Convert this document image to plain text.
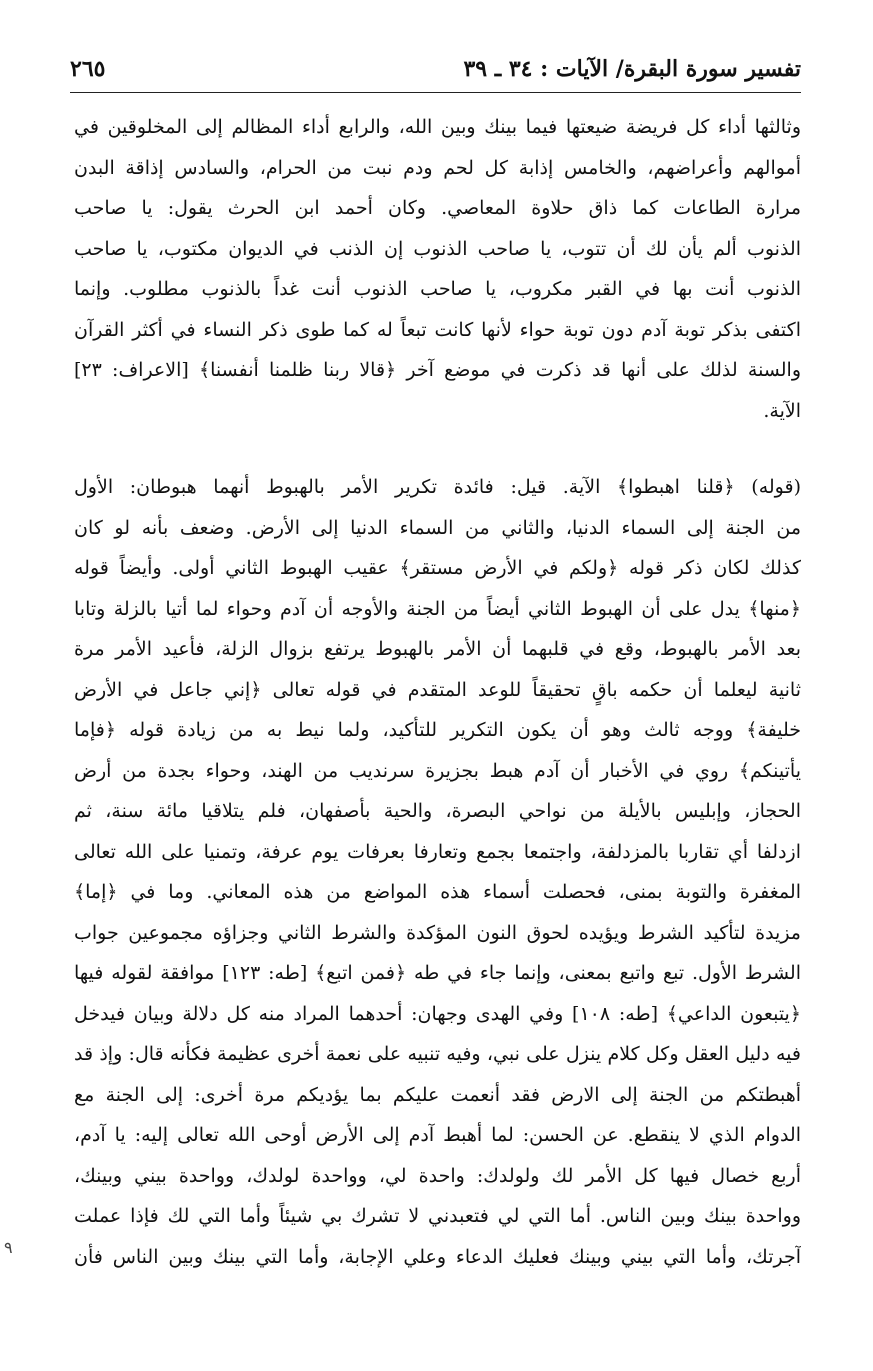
تفسير سورة البقرة/ الآيات : ٣٤ ـ ٣٩
٢٦٥
وثالثها أداء كل فريضة ضيعتها فيما بينك وبين الله، والرابع أداء المظالم إلى المخلوقين في
أموالهم وأعراضهم، والخامس إذابة كل لحم ودم نبت من الحرام، والسادس إذاقة البدن
مرارة الطاعات كما ذاق حلاوة المعاصي. وكان أحمد ابن الحرث يقول: يا صاحب
الذنوب ألم يأن لك أن تتوب، يا صاحب الذنوب إن الذنب في الديوان مكتوب، يا صاحب
الذنوب أنت بها في القبر مكروب، يا صاحب الذنوب أنت غداً بالذنوب مطلوب. وإنما
اكتفى بذكر توبة آدم دون توبة حواء لأنها كانت تبعاً له كما طوى ذكر النساء في أكثر القرآن
والسنة لذلك على أنها قد ذكرت في موضع آخر ﴿قالا ربنا ظلمنا أنفسنا﴾ [الاعراف: ٢٣]
الآية.
(قوله) ﴿قلنا اهبطوا﴾ الآية. قيل: فائدة تكرير الأمر بالهبوط أنهما هبوطان: الأول
من الجنة إلى السماء الدنيا، والثاني من السماء الدنيا إلى الأرض. وضعف بأنه لو كان
كذلك لكان ذكر قوله ﴿ولكم في الأرض مستقر﴾ عقيب الهبوط الثاني أولى. وأيضاً قوله
﴿منها﴾ يدل على أن الهبوط الثاني أيضاً من الجنة والأوجه أن آدم وحواء لما أتيا بالزلة وتابا
بعد الأمر بالهبوط، وقع في قلبهما أن الأمر بالهبوط يرتفع بزوال الزلة، فأعيد الأمر مرة
ثانية ليعلما أن حكمه باقٍ تحقيقاً للوعد المتقدم في قوله تعالى ﴿إني جاعل في الأرض
خليفة﴾ ووجه ثالث وهو أن يكون التكرير للتأكيد، ولما نيط به من زيادة قوله ﴿فإما
يأتينكم﴾ روي في الأخبار أن آدم هبط بجزيرة سرنديب من الهند، وحواء بجدة من أرض
الحجاز، وإبليس بالأيلة من نواحي البصرة، والحية بأصفهان، فلم يتلاقيا مائة سنة، ثم
ازدلفا أي تقاربا بالمزدلفة، واجتمعا بجمع وتعارفا بعرفات يوم عرفة، وتمنيا على الله تعالى
المغفرة والتوبة بمنى، فحصلت أسماء هذه المواضع من هذه المعاني. وما في ﴿إما﴾
مزيدة لتأكيد الشرط ويؤيده لحوق النون المؤكدة والشرط الثاني وجزاؤه مجموعين جواب
الشرط الأول. تبع واتبع بمعنى، وإنما جاء في طه ﴿فمن اتبع﴾ [طه: ١٢٣] موافقة لقوله فيها
﴿يتبعون الداعي﴾ [طه: ١٠٨] وفي الهدى وجهان: أحدهما المراد منه كل دلالة وبيان فيدخل
فيه دليل العقل وكل كلام ينزل على نبي، وفيه تنبيه على نعمة أخرى عظيمة فكأنه قال: وإذ قد
أهبطتكم من الجنة إلى الارض فقد أنعمت عليكم بما يؤديكم مرة أخرى: إلى الجنة مع
الدوام الذي لا ينقطع. عن الحسن: لما أهبط آدم إلى الأرض أوحى الله تعالى إليه: يا آدم،
أربع خصال فيها كل الأمر لك ولولدك: واحدة لي، وواحدة لولدك، وواحدة بيني وبينك،
وواحدة بينك وبين الناس. أما التي لي فتعبدني لا تشرك بي شيئاً وأما التي لك فإذا عملت
آجرتك، وأما التي بيني وبينك فعليك الدعاء وعلي الإجابة، وأما التي بينك وبين الناس فأن
٩
